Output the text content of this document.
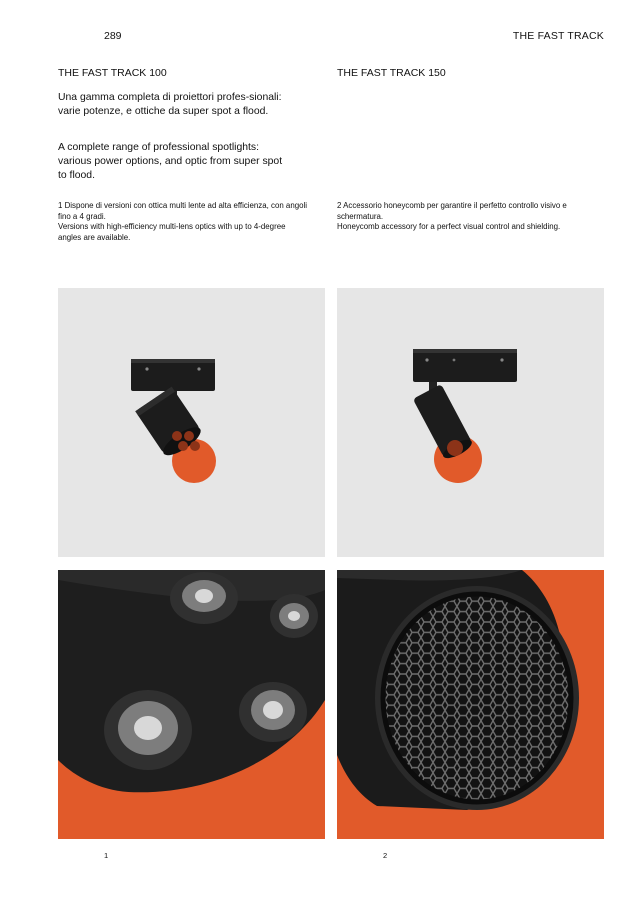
289	THE FAST TRACK
THE FAST TRACK 100	THE FAST TRACK 150
Una gamma completa di proiettori profes-sionali: varie potenze, e ottiche da super spot a flood.
A complete range of professional spotlights: various power options, and optic from super spot to flood.
1 Dispone di versioni con ottica multi lente ad alta efficienza, con angoli fino a 4 gradi.
Versions with high-efficiency multi-lens optics with up to 4-degree angles are available.
2 Accessorio honeycomb per garantire il perfetto controllo visivo e schermatura.
Honeycomb accessory for a perfect visual control and shielding.
1	2
